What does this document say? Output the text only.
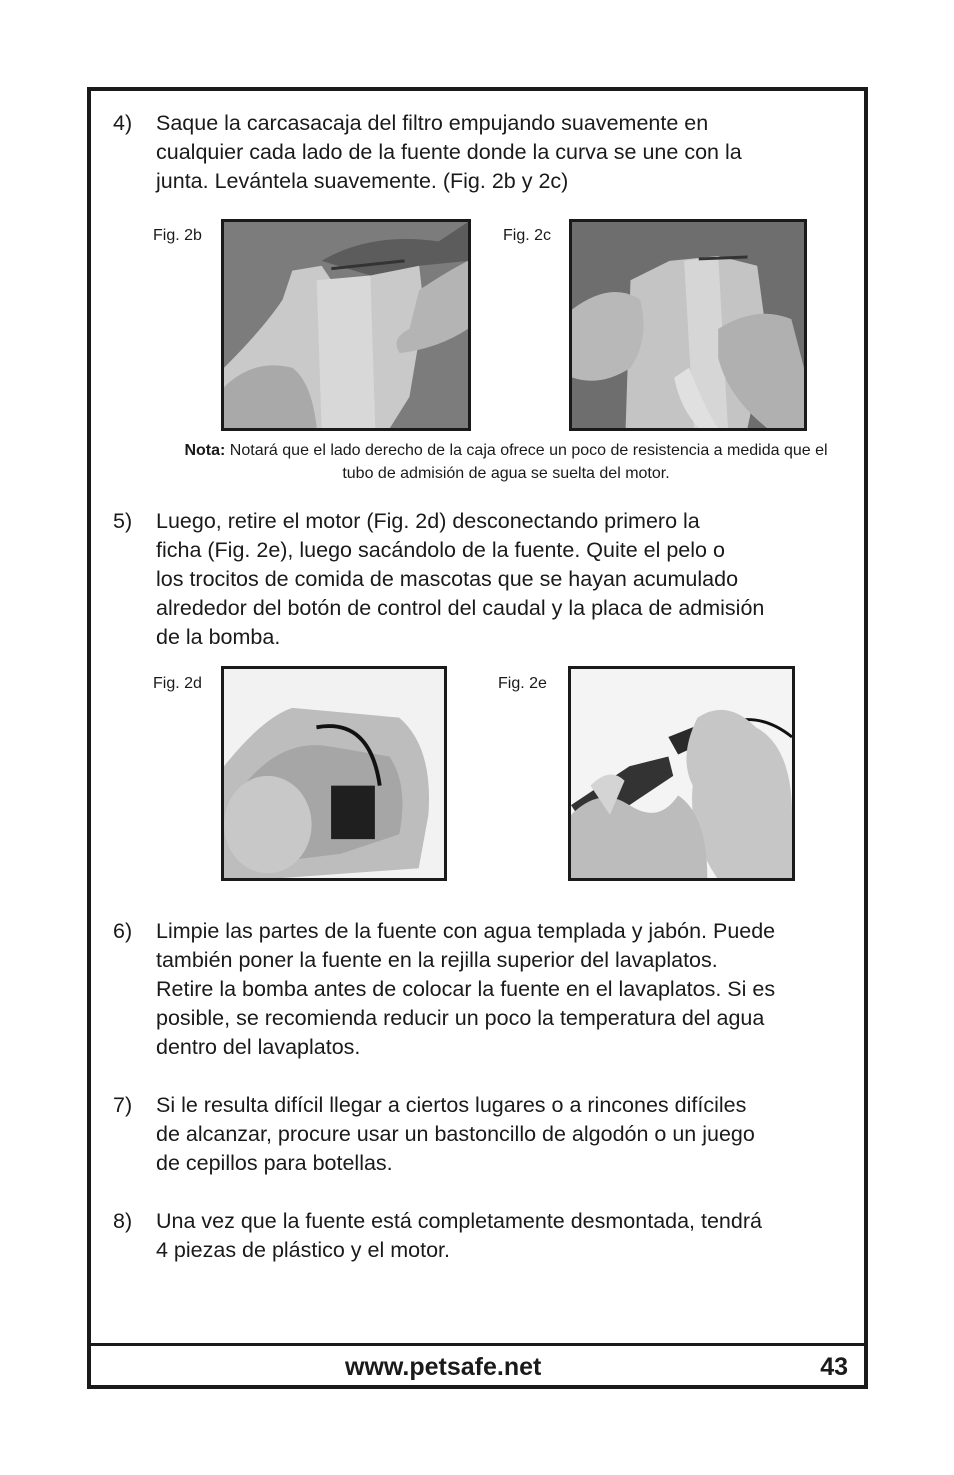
4) Saque la carcasacaja del filtro empujando suavemente en
cualquier cada lado de la fuente donde la curva se une con la
junta. Levántela suavemente. (Fig. 2b y 2c)
Fig. 2b	Fig. 2c
Nota: Notará que el lado derecho de la caja ofrece un poco de resistencia a medida que el tubo de admisión de agua se suelta del motor.
5) Luego, retire el motor (Fig. 2d) desconectando primero la
ficha (Fig. 2e), luego sacándolo de la fuente. Quite el pelo o
los trocitos de comida de mascotas que se hayan acumulado
alrededor del botón de control del caudal y la placa de admisión
de la bomba.
Fig. 2d	Fig. 2e
6) Limpie las partes de la fuente con agua templada y jabón. Puede
también poner la fuente en la rejilla superior del lavaplatos.
Retire la bomba antes de colocar la fuente en el lavaplatos. Si es
posible, se recomienda reducir un poco la temperatura del agua
dentro del lavaplatos.
7) Si le resulta difícil llegar a ciertos lugares o a rincones difíciles
de alcanzar, procure usar un bastoncillo de algodón o un juego
de cepillos para botellas.
8) Una vez que la fuente está completamente desmontada, tendrá
4 piezas de plástico y el motor.
www.petsafe.net	43
